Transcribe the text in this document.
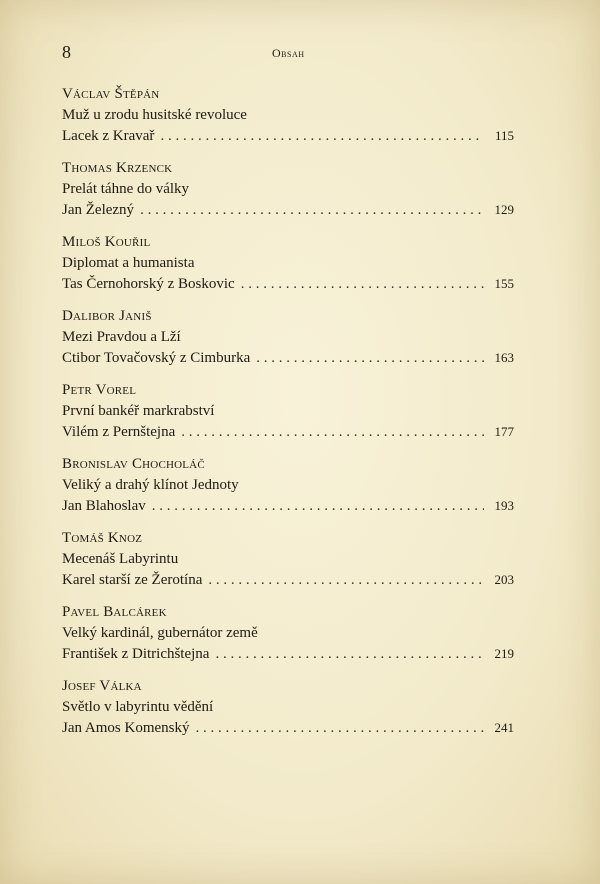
8	Obsah
Václav Štěpán
Muž u zrodu husitské revoluce
Lacek z Kravař . . .	115
Thomas Krzenck
Prelát táhne do války
Jan Železný . . .	129
Miloš Kouřil
Diplomat a humanista
Tas Černohorský z Boskovic . . .	155
Dalibor Janiš
Mezi Pravdou a Lží
Ctibor Tovačovský z Cimburka . . .	163
Petr Vorel
První bankéř markrabství
Vilém z Pernštejna . . .	177
Bronislav Chocholáč
Veliký a drahý klínot Jednoty
Jan Blahoslav . . .	193
Tomáš Knoz
Mecenáš Labyrintu
Karel starší ze Žerotína . . .	203
Pavel Balcárek
Velký kardinál, gubernátor země
František z Ditrichštejna . . .	219
Josef Válka
Světlo v labyrintu vědění
Jan Amos Komenský . . .	241
